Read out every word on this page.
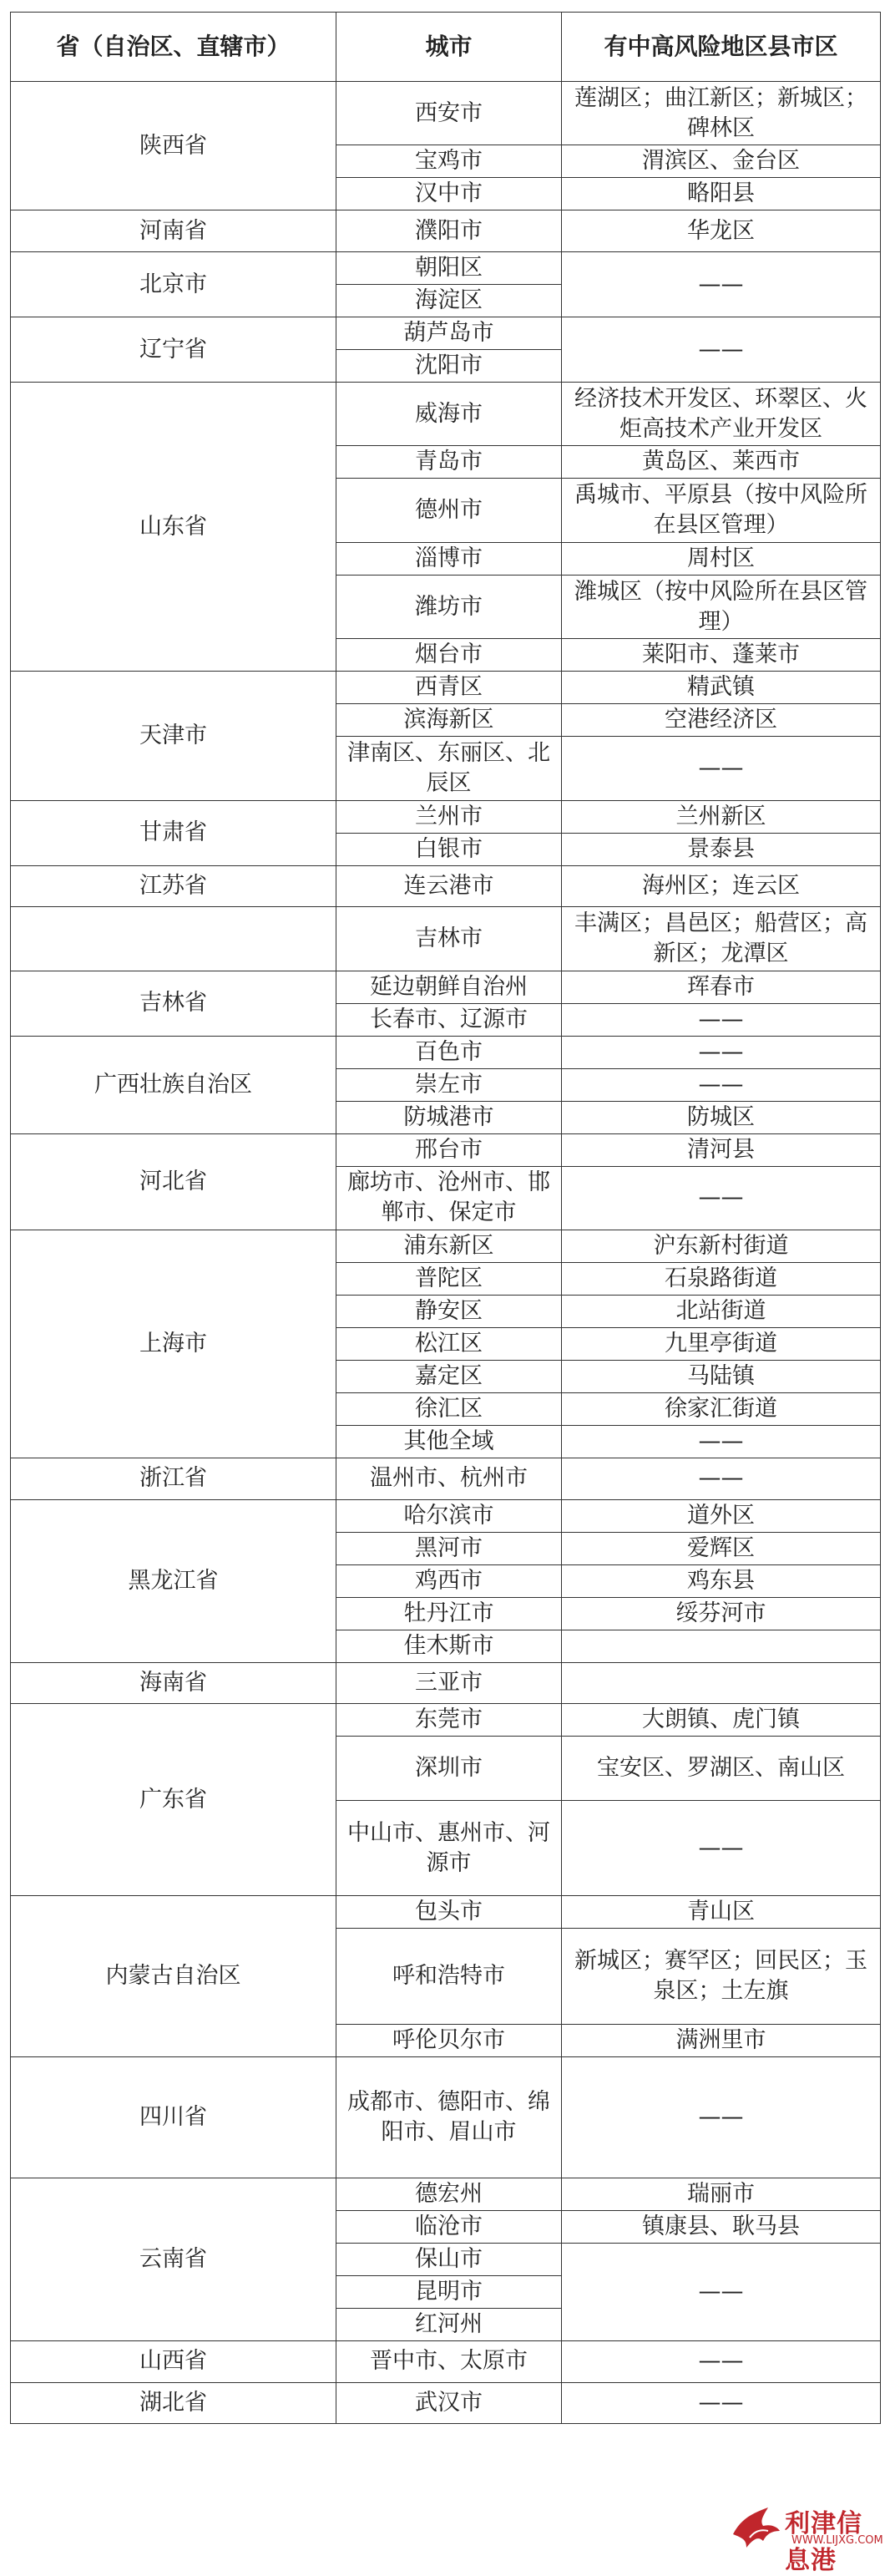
省（自治区、直辖市）	城市	有中高风险地区县市区
陕西省	西安市	莲湖区；曲江新区；新城区；碑林区
	宝鸡市	渭滨区、金台区
	汉中市	略阳县
河南省	濮阳市	华龙区
北京市	朝阳区	——
	海淀区	
辽宁省	葫芦岛市	——
	沈阳市	
山东省	威海市	经济技术开发区、环翠区、火炬高技术产业开发区
	青岛市	黄岛区、莱西市
	德州市	禹城市、平原县（按中风险所在县区管理）
	淄博市	周村区
	潍坊市	潍城区（按中风险所在县区管理）
	烟台市	莱阳市、蓬莱市
天津市	西青区	精武镇
	滨海新区	空港经济区
	津南区、东丽区、北辰区	——
甘肃省	兰州市	兰州新区
	白银市	景泰县
江苏省	连云港市	海州区；连云区
	吉林市	丰满区；昌邑区；船营区；高新区；龙潭区
吉林省	延边朝鲜自治州	珲春市
	长春市、辽源市	——
广西壮族自治区	百色市	——
	崇左市	——
	防城港市	防城区
河北省	邢台市	清河县
	廊坊市、沧州市、邯郸市、保定市	——
上海市	浦东新区	沪东新村街道
	普陀区	石泉路街道
	静安区	北站街道
	松江区	九里亭街道
	嘉定区	马陆镇
	徐汇区	徐家汇街道
	其他全域	——
浙江省	温州市、杭州市	——
黑龙江省	哈尔滨市	道外区
	黑河市	爱辉区
	鸡西市	鸡东县
	牡丹江市	绥芬河市
	佳木斯市	
海南省	三亚市	
广东省	东莞市	大朗镇、虎门镇
	深圳市	宝安区、罗湖区、南山区
	中山市、惠州市、河源市	——
内蒙古自治区	包头市	青山区
	呼和浩特市	新城区；赛罕区；回民区；玉泉区；土左旗
	呼伦贝尔市	满洲里市
四川省	成都市、德阳市、绵阳市、眉山市	——
云南省	德宏州	瑞丽市
	临沧市	镇康县、耿马县
	保山市	——
	昆明市	
	红河州	
山西省	晋中市、太原市	——
湖北省	武汉市	——
利津信息港
WWW.LIJXG.COM
